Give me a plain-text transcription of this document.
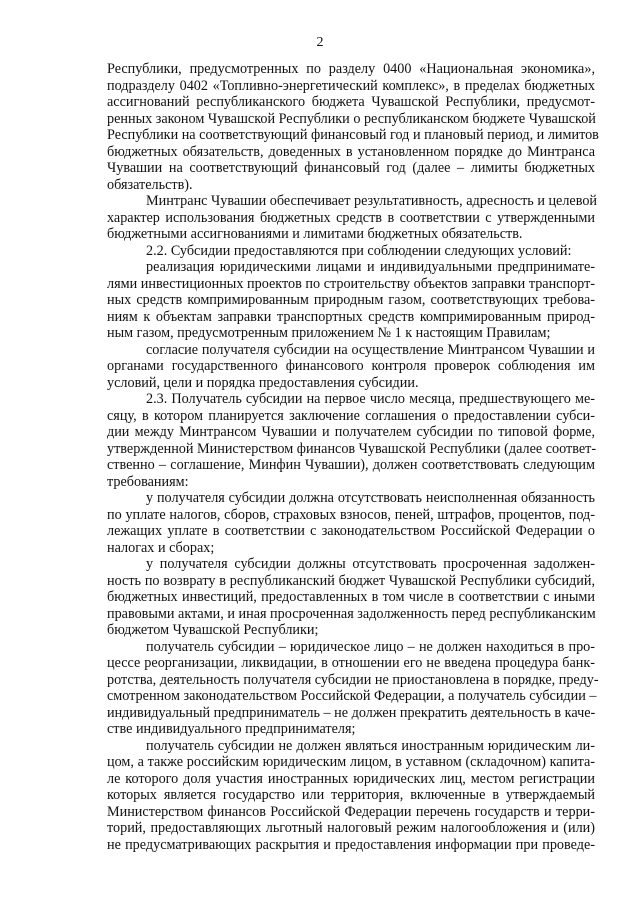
2
Республики, предусмотренных по разделу 0400 «Национальная экономика»,
подразделу 0402 «Топливно-энергетический комплекс», в пределах бюджетных
ассигнований республиканского бюджета Чувашской Республики, предусмот-
ренных законом Чувашской Республики о республиканском бюджете Чувашской
Республики на соответствующий финансовый год и плановый период, и лимитов
бюджетных обязательств, доведенных в установленном порядке до Минтранса
Чувашии на соответствующий финансовый год (далее – лимиты бюджетных
обязательств).
Минтранс Чувашии обеспечивает результативность, адресность и целевой
характер использования бюджетных средств в соответствии с утвержденными
бюджетными ассигнованиями и лимитами бюджетных обязательств.
2.2. Субсидии предоставляются при соблюдении следующих условий:
реализация юридическими лицами и индивидуальными предпринимате-
лями инвестиционных проектов по строительству объектов заправки транспорт-
ных средств компримированным природным газом, соответствующих требова-
ниям к объектам заправки транспортных средств компримированным природ-
ным газом, предусмотренным приложением № 1 к настоящим Правилам;
согласие получателя субсидии на осуществление Минтрансом Чувашии и
органами государственного финансового контроля проверок соблюдения им
условий, цели и порядка предоставления субсидии.
2.3. Получатель субсидии на первое число месяца, предшествующего ме-
сяцу, в котором планируется заключение соглашения о предоставлении субси-
дии между Минтрансом Чувашии и получателем субсидии по типовой форме,
утвержденной Министерством финансов Чувашской Республики (далее соответ-
ственно – соглашение, Минфин Чувашии), должен соответствовать следующим
требованиям:
у получателя субсидии должна отсутствовать неисполненная обязанность
по уплате налогов, сборов, страховых взносов, пеней, штрафов, процентов, под-
лежащих уплате в соответствии с законодательством Российской Федерации о
налогах и сборах;
у получателя субсидии должны отсутствовать просроченная задолжен-
ность по возврату в республиканский бюджет Чувашской Республики субсидий,
бюджетных инвестиций, предоставленных в том числе в соответствии с иными
правовыми актами, и иная просроченная задолженность перед республиканским
бюджетом Чувашской Республики;
получатель субсидии – юридическое лицо – не должен находиться в про-
цессе реорганизации, ликвидации, в отношении его не введена процедура банк-
ротства, деятельность получателя субсидии не приостановлена в порядке, преду-
смотренном законодательством Российской Федерации, а получатель субсидии –
индивидуальный предприниматель – не должен прекратить деятельность в каче-
стве индивидуального предпринимателя;
получатель субсидии не должен являться иностранным юридическим ли-
цом, а также российским юридическим лицом, в уставном (складочном) капита-
ле которого доля участия иностранных юридических лиц, местом регистрации
которых является государство или территория, включенные в утверждаемый
Министерством финансов Российской Федерации перечень государств и терри-
торий, предоставляющих льготный налоговый режим налогообложения и (или)
не предусматривающих раскрытия и предоставления информации при проведе-
